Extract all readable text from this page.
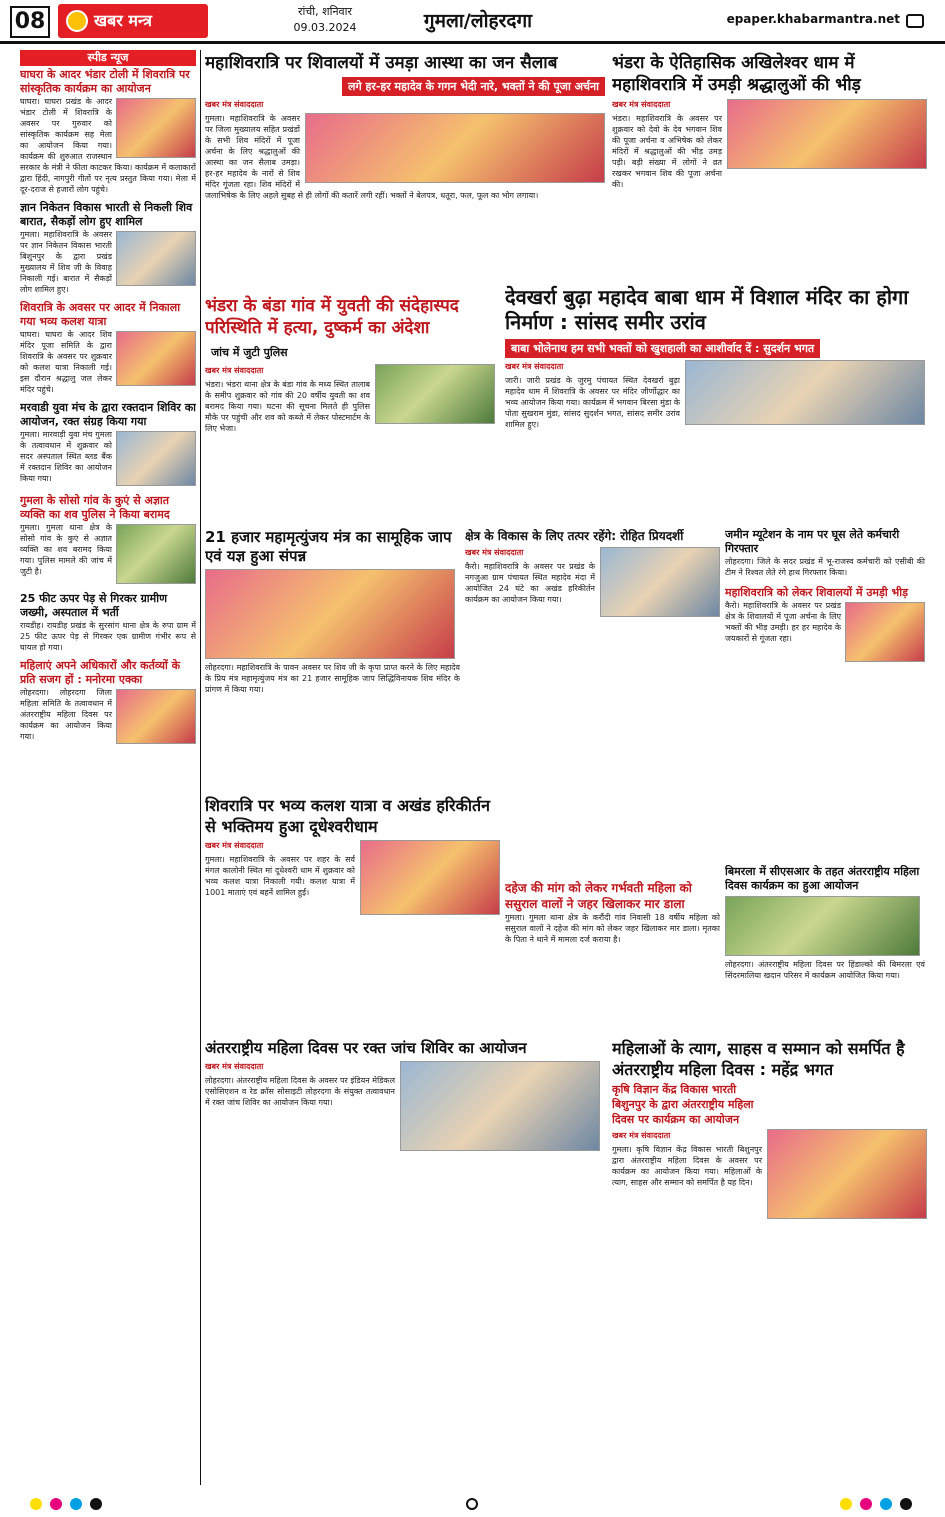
08	खबर मन्त्र	रांची, शनिवार
09.03.2024	गुमला/लोहरदगा	epaper.khabarmantra.net
स्पीड न्यूज
घाघरा के आदर भंडार टोली में शिवरात्रि पर सांस्कृतिक कार्यक्रम का आयोजन
घाघरा। घाघरा प्रखंड के आदर भंडार टोली में शिवरात्रि के अवसर पर गुरुवार को सांस्कृतिक कार्यक्रम सह मेला का आयोजन किया गया। कार्यक्रम की शुरुआत राजस्थान सरकार के मंत्री ने फीता काटकर किया। कार्यक्रम में कलाकारों द्वारा हिंदी, नागपुरी गीतों पर नृत्य प्रस्तुत किया गया। मेला में दूर-दराज से हजारों लोग पहुंचे।
ज्ञान निकेतन विकास भारती से निकली शिव बारात, सैकड़ों लोग हुए शामिल
गुमला। महाशिवरात्रि के अवसर पर ज्ञान निकेतन विकास भारती बिशुनपुर के द्वारा प्रखंड मुख्यालय में शिव जी के विवाह निकाली गई। बारात में सैकड़ों लोग शामिल हुए।
शिवरात्रि के अवसर पर आदर में निकाला गया भव्य कलश यात्रा
घाघरा। घाघरा के आदर शिव मंदिर पूजा समिति के द्वारा शिवरात्रि के अवसर पर शुक्रवार को कलश यात्रा निकाली गई। इस दौरान श्रद्धालु जल लेकर मंदिर पहुंचे।
मरवाडी युवा मंच के द्वारा रक्तदान शिविर का आयोजन, रक्त संग्रह किया गया
गुमला। मारवाड़ी युवा मंच गुमला के तत्वावधान में शुक्रवार को सदर अस्पताल स्थित ब्लड बैंक में रक्तदान शिविर का आयोजन किया गया।
गुमला के सोसो गांव के कुएं से अज्ञात व्यक्ति का शव पुलिस ने किया बरामद
गुमला। गुमला थाना क्षेत्र के सोसो गांव के कुएं से अज्ञात व्यक्ति का शव बरामद किया गया। पुलिस मामले की जांच में जुटी है।
25 फीट ऊपर पेड़ से गिरकर ग्रामीण जख्मी, अस्पताल में भर्ती
रायडीह। रायडीह प्रखंड के सुरसांग थाना क्षेत्र के रुपा ग्राम में 25 फीट ऊपर पेड़ से गिरकर एक ग्रामीण गंभीर रूप से घायल हो गया।
महिलाएं अपने अधिकारों और कर्तव्यों के प्रति सजग हों : मनोरमा एक्का
लोहरदगा। लोहरदगा जिला महिला समिति के तत्वावधान में अंतरराष्ट्रीय महिला दिवस पर कार्यक्रम का आयोजन किया गया।
महाशिवरात्रि पर शिवालयों में उमड़ा आस्था का जन सैलाब
लगे हर-हर महादेव के गगन भेदी नारे, भक्तों ने की पूजा अर्चना
खबर मंत्र संवाददाता
गुमला। महाशिवरात्रि के अवसर पर जिला मुख्यालय सहित प्रखंडों के सभी शिव मंदिरों में पूजा अर्चना के लिए श्रद्धालुओं की आस्था का जन सैलाब उमड़ा। हर-हर महादेव के नारों से शिव मंदिर गूंजता रहा। शिव मंदिरों में जलाभिषेक के लिए अहले सुबह से ही लोगों की कतारें लगी रहीं। भक्तों ने बेलपत्र, धतूरा, फल, फूल का भोग लगाया।
भंडरा के ऐतिहासिक अखिलेश्वर धाम में महाशिवरात्रि में उमड़ी श्रद्धालुओं की भीड़
खबर मंत्र संवाददाता
भंडरा। महाशिवरात्रि के अवसर पर शुक्रवार को देवो के देव भगवान शिव की पूजा अर्चना व अभिषेक को लेकर मंदिरों में श्रद्धालुओं की भीड़ उमड़ पड़ी। बड़ी संख्या में लोगों ने व्रत रखकर भगवान शिव की पूजा अर्चना की।
भंडरा के बंडा गांव में युवती की संदेहास्पद परिस्थिति में हत्या, दुष्कर्म का अंदेशा
जांच में जुटी पुलिस
खबर मंत्र संवाददाता
भंडरा। भंडरा थाना क्षेत्र के बंडा गांव के मध्य स्थित तालाब के समीप शुक्रवार को गांव की 20 वर्षीय युवती का शव बरामद किया गया। घटना की सूचना मिलते ही पुलिस मौके पर पहुंची और शव को कब्जे में लेकर पोस्टमार्टम के लिए भेजा।
देवखर्रा बुढ़ा महादेव बाबा धाम में विशाल मंदिर का होगा निर्माण : सांसद समीर उरांव
बाबा भोलेनाथ हम सभी भक्तों को खुशहाली का आशीर्वाद दें : सुदर्शन भगत
खबर मंत्र संवाददाता
जारी। जारी प्रखंड के जुरमु पंचायत स्थित देवखर्रा बुढ़ा महादेव धाम में शिवरात्रि के अवसर पर मंदिर जीर्णोद्धार का भव्य आयोजन किया गया। कार्यक्रम में भगवान बिरसा मुंडा के पोता सुखराम मुंडा, सांसद सुदर्शन भगत, सांसद समीर उरांव शामिल हुए।
21 हजार महामृत्युंजय मंत्र का सामूहिक जाप एवं यज्ञ हुआ संपन्न
लोहरदगा। महाशिवरात्रि के पावन अवसर पर शिव जी के कृपा प्राप्त करने के लिए महादेव के प्रिय मंत्र महामृत्युंजय मंत्र का 21 हजार सामूहिक जाप सिद्धिविनायक शिव मंदिर के प्रांगण में किया गया।
क्षेत्र के विकास के लिए तत्पर रहेंगे: रोहित प्रियदर्शी
खबर मंत्र संवाददाता
कैरो। महाशिवरात्रि के अवसर पर प्रखंड के नगजुआ ग्राम पंचायत स्थित महादेव मंदा में आयोजित 24 घंटे का अखंड हरिकीर्तन कार्यक्रम का आयोजन किया गया।
जमीन म्यूटेशन के नाम पर घूस लेते कर्मचारी गिरफ्तार
लोहरदगा। जिले के सदर प्रखंड में भू-राजस्व कर्मचारी को एसीबी की टीम ने रिश्वत लेते रंगे हाथ गिरफ्तार किया।
महाशिवरात्रि को लेकर शिवालयों में उमड़ी भीड़
कैरो। महाशिवरात्रि के अवसर पर प्रखंड क्षेत्र के शिवालयों में पूजा अर्चना के लिए भक्तों की भीड़ उमड़ी। हर हर महादेव के जयकारों से गूंजता रहा।
शिवरात्रि पर भव्य कलश यात्रा व अखंड हरिकीर्तन से भक्तिमय हुआ दूधेश्वरीधाम
खबर मंत्र संवाददाता
गुमला। महाशिवरात्रि के अवसर पर शहर के सर्व मंगल कालोनी स्थित मां दूधेश्वरी धाम में शुक्रवार को भव्य कलश यात्रा निकाली गयी। कलश यात्रा में 1001 माताएं एवं बहनें शामिल हुईं।	दहेज की मांग को लेकर गर्भवती महिला को ससुराल वालों ने जहर खिलाकर मार डाला
गुमला। गुमला थाना क्षेत्र के करौंदी गांव निवासी 18 वर्षीय महिला को ससुराल वालों ने दहेज की मांग को लेकर जहर खिलाकर मार डाला। मृतका के पिता ने थाने में मामला दर्ज कराया है।
बिमरला में सीएसआर के तहत अंतरराष्ट्रीय महिला दिवस कार्यक्रम का हुआ आयोजन
लोहरदगा। अंतरराष्ट्रीय महिला दिवस पर हिंडाल्को की बिमरला एवं सिंदरमालिया खदान परिसर में कार्यक्रम आयोजित किया गया।
अंतरराष्ट्रीय महिला दिवस पर रक्त जांच शिविर का आयोजन
खबर मंत्र संवाददाता
लोहरदगा। अंतरराष्ट्रीय महिला दिवस के अवसर पर इंडियन मेडिकल एसोसिएशन व रेड क्रॉस सोसाइटी लोहरदगा के संयुक्त तत्वावधान में रक्त जांच शिविर का आयोजन किया गया।
महिलाओं के त्याग, साहस व सम्मान को समर्पित है अंतरराष्ट्रीय महिला दिवस : महेंद्र भगत
कृषि विज्ञान केंद्र विकास भारती बिशुनपुर के द्वारा अंतरराष्ट्रीय महिला दिवस पर कार्यक्रम का आयोजन
खबर मंत्र संवाददाता
गुमला। कृषि विज्ञान केंद्र विकास भारती बिशुनपुर द्वारा अंतरराष्ट्रीय महिला दिवस के अवसर पर कार्यक्रम का आयोजन किया गया। महिलाओं के त्याग, साहस और सम्मान को समर्पित है यह दिन।
